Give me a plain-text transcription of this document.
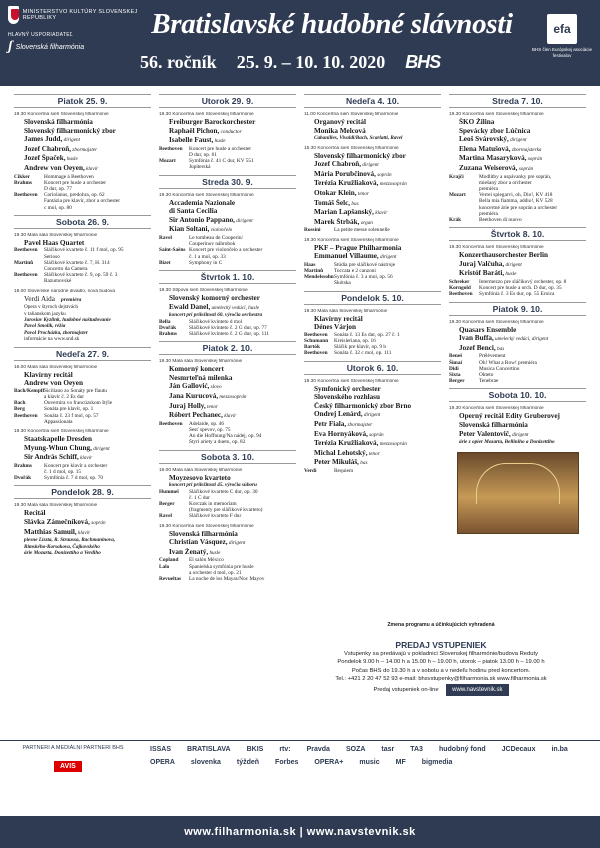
MINISTERSTVO KULTÚRY SLOVENSKEJ REPUBLIKY
HLAVNÝ USPORIADATEĽ
ʃ Slovenská filharmónia
Bratislavské hudobné slávnosti
56. ročník 25. 9. – 10. 10. 2020 BHS
efa
BHS člen Európskej asociácie festivalov
Piatok 25. 9.
19.30 Koncertná sieň Slovenskej filharmónie
Slovenská filharmónia
Slovenský filharmonický zbor
James Judd, dirigent
Jozef Chabroň, zbormajster
Jozef Špaček, husle
Andrew von Oeyen, klavír
Cikker	Hommage à Beethoven
Brahms	Koncert pre husle a orchester
D dur, op. 77
Beethoven	Coriolanus, predohra, op. 62
Fantázia pre klavír, zbor a orchester
c mol, op. 80
Sobota 26. 9.
19.30 Malá sála Slovenskej filharmónie
Pavel Haas Quartet
Beethoven	Sláčikové kvarteto č. 11 f mol, op. 95
Serioso
Martinů	Sláčikové kvarteto č. 7, H. 314
Concerto da Camera
Beethoven	Sláčikové kvarteto č. 9, op. 59 č. 3
Razumovské
18.00 Slovenské národné divadlo, nová budova
Verdi Aida premiéra
Opera v štyroch dejstvách
v talianskom jazyku
Jaroslav Kyzlink, hudobné naštudovanie
Pavol Smolík, réžia
Pavol Procházka, zbormajster
informácie na www.snd.sk
Nedeľa 27. 9.
16.00 Malá sála Slovenskej filharmónie
Klavírny recitál
Andrew von Oeyen
Bach/Kempff Siciliano zo Sonáty pre flautu
a klavír č. 2 Es dur
Bach	Ouvertúra vo francúzskom štýle
Berg	Sonáta pre klavír, op. 1
Beethoven	Sonáta č. 23 f mol, op. 57
Appassionata
19.30 Koncertná sieň Slovenskej filharmónie
Staatskapelle Dresden
Myung-Whun Chung, dirigent
Sir András Schiff, klavír
Brahms	Koncert pre klavír a orchester
č. 1 d mol, op. 15
Dvořák	Symfónia č. 7 d mol, op. 70
Pondelok 28. 9.
19.30 Malá sála Slovenskej filharmónie
Recitál
Slávka Zámečníková, soprán
Matthias Samuil, klavír
piesne Liszta, R. Straussa, Rachmaninova,
Rimského-Korsakova, Čajkovského
árie Mozarta, Donizettiho a Verdiho
Utorok 29. 9.
19.30 Koncertná sieň Slovenskej filharmónie
Freiburger Barockorchester
Raphaël Pichon, conductor
Isabelle Faust, husle
Beethoven	Koncert pre husle a orchester
D dur, op. 61
Mozart	Symfónia č. 41 C dur, KV 551
Jupiterská
Streda 30. 9.
19.30 Koncertná sieň Slovenskej filharmónie
Accademia Nazionale
di Santa Cecilia
Sir Antonio Pappano, dirigent
Kian Soltani, violončelo
Ravel	Le tombeau de Couperin/
Couperinov náhrobok
Saint-Saëns Koncert pre violončelo a orchester
č. 1 a mol, op. 33
Bizet	Symphony in C
Štvrtok 1. 10.
19.30 Stĺpová sieň Slovenskej filharmónie
Slovenský komorný orchester
Ewald Danel, umelecký vedúci, husle
koncert pri príležitosti 60. výročia orchestra
Bella	Sláčikové kvinteto d mol
Dvořák	Sláčikové kvinteto č. 2 G dur, op. 77
Brahms	Sláčikové kvinteto č. 2 G dur, op. 111
Piatok 2. 10.
19.30 Malá sála Slovenskej filharmónie
Komorný koncert
Nesmrteľná milenka
Ján Gallović, slovo
Jana Kurucová, mezzosoprán
Juraj Holly, tenor
Róbert Pechanec, klavír
Beethoven	Adelaide, op. 46
Šesť spevov, op. 75
An die Hoffnung/Na nádej, op. 94
Štyri ariety a dueto, op. 82
Sobota 3. 10.
16.00 Malá sála Slovenskej filharmónie
Moyzesovo kvarteto
koncert pri príležitosti 45. výročia súboru
Hummel	Sláčikové kvarteto C dur, op. 30
č. 1 C dur
Berger	Korczak in memoriam
(fragmenty pre sláčikové kvarteto)
Ravel	Sláčikové kvarteto F dur
19.30 Koncertná sieň Slovenskej filharmónie
Slovenská filharmónia
Christian Vásquez, dirigent
Ivan Ženatý, husle
Copland	El salón México
Lalo	Španielska symfónia pre husle
a orchester d mol, op. 21
Revueltas	La noche de los Mayas/Noc Mayov
Nedeľa 4. 10.
11.00 Koncertná sieň Slovenskej filharmónie
Organový recitál
Monika Melcová
Cabanilles, Vivaldi/Bach, Scarlatti, Ravel
15.30 Koncertná sieň Slovenskej filharmónie
Slovenský filharmonický zbor
Jozef Chabroň, dirigent
Mária Porubčinová, soprán
Terézia Kružliaková, mezzosoprán
Otokar Klein, tenor
Tomáš Šelc, bas
Marian Lapšanský, klavír
Marek Štrbák, organ
Rossini	La petite messe solennelle
19.30 Koncertná sieň Slovenskej filharmónie
PKF – Prague Philharmonia
Emmanuel Villaume, dirigent
Haas	Štúdia pre sláčikové nástroje
Martinů	Toccata e 2 canzoni
Mendelssohn Symfónia č. 3 a mol, op. 56
Škótska
Pondelok 5. 10.
19.30 Malá sála Slovenskej filharmónie
Klavírny recitál
Dénes Várjon
Beethoven	Sonáta č. 13 Es dur, op. 27 č. 1
Schumann	Kreisleriana, op. 16
Bartók	Sláčik pre klavír, op. 9 b
Beethoven	Sonáta č. 32 c mol, op. 111
Utorok 6. 10.
19.30 Koncertná sieň Slovenskej filharmónie
Symfonický orchester
Slovenského rozhlasu
Český filharmonický zbor Brno
Ondrej Lenárd, dirigent
Petr Fiala, zbormajster
Eva Hornyáková, soprán
Terézia Kružliaková, mezzosoprán
Michal Lehotský, tenor
Peter Mikuláš, bas
Verdi	Requiem
Streda 7. 10.
19.30 Koncertná sieň Slovenskej filharmónie
ŠKO Žilina
Spevácky zbor Lúčnica
Leoš Svárovský, dirigent
Elena Matušová, zbormajsterka
Martina Masaryková, soprán
Zuzana Weiserová, soprán
Krajči	Modlitby a uspávanky pre soprán,
miešaný zbor a orchester
premiéra
Mozart	Verrei spiegarvi, oh, Dio!, KV 418
Bella mia fiamma, addio!, KV 528
koncertné árie pre soprán a orchester
premiéra
Krák	Beethoven di nuovo
Štvrtok 8. 10.
19.30 Koncertná sieň Slovenskej filharmónie
Konzerthausorchester Berlin
Juraj Valčuha, dirigent
Kristóf Baráti, husle
Schreker	Intermezzo pre sláčikový orchester, op. 8
Korngold	Koncert pre husle a orch. D dur, op. 35
Beethoven	Symfónia č. 3 Es dur, op. 55 Eroica
Piatok 9. 10.
19.30 Koncertná sieň Slovenskej filharmónie
Quasars Ensemble
Ivan Buffa, umelecký vedúci, dirigent
Jozef Benci, bas
Beneš	Prélèvement
Šimai	Oh! What a Row! premiéra
Didi	Musica Concertino
Sixta	Okteto
Berger	Tenebrae
Sobota 10. 10.
19.30 Koncertná sieň Slovenskej filharmónie
Operný recitál Edity Gruberovej
Slovenská filharmónia
Peter Valentovič, dirigent
árie z opier Mozarta, Belliniho a Donizettiho
Zmena programu a účinkujúcich vyhradená
PREDAJ VSTUPENIEK
Vstupenky sa predávajú v pokladnici Slovenskej filharmónie/budova Reduty
Pondelok 9.00 h – 14.00 h a 15.00 h – 19.00 h, utorok – piatok 13.00 h – 19.00 h
Počas BHS do 19.30 h a v sobotu a v nedeľu hodinu pred koncertom.
Tel.: +421 2 20 47 52 93 e-mail: bhsvstupenky@filharmonia.sk www.filharmonia.sk
Predaj vstupeniek on-line www.navstevnik.sk
PARTNERI A MEDIÁLNI PARTNERI BHS
AVIS
ISSAS	BRATISLAVA	BKIS	rtv:	Pravda	SOZA	tasr	TA3	hudobný fond	JCDecaux	in.ba
OPERA	slovenka	týždeň	Forbes	OPERA+	music	MF	bigmedia
www.filharmonia.sk | www.navstevnik.sk
